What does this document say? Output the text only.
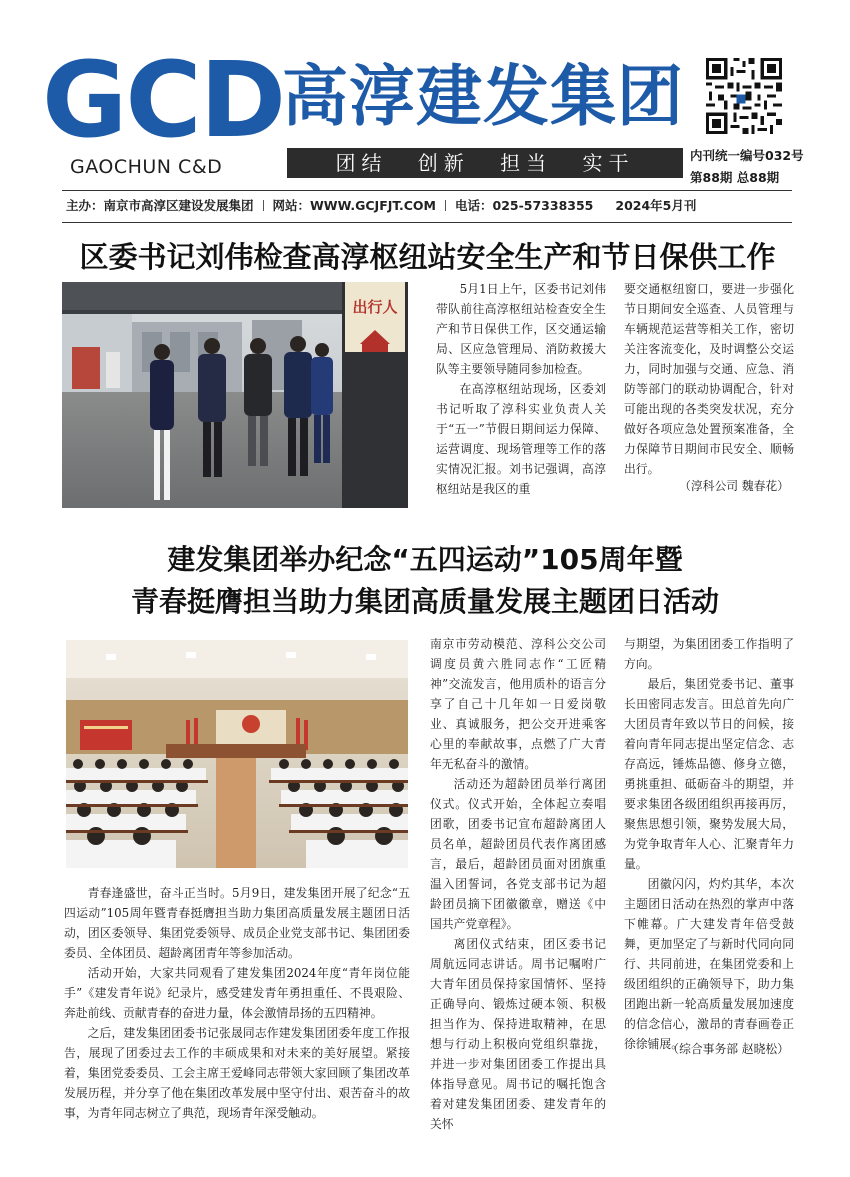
GCD
GAOCHUN C&D
高淳建发集团
团结 创新 担当 实干	内刊统一编号032号
第88期 总88期
主办：南京市高淳区建设发展集团 网站：WWW.GCJFJT.COM 电话：025-57338355 2024年5月刊
区委书记刘伟检查高淳枢纽站安全生产和节日保供工作
出行人

5月1日上午，区委书记刘伟带队前往高淳枢纽站检查安全生产和节日保供工作，区交通运输局、区应急管理局、消防救援大队等主要领导随同参加检查。

在高淳枢纽站现场，区委刘书记听取了淳科实业负责人关于“五一”节假日期间运力保障、运营调度、现场管理等工作的落实情况汇报。刘书记强调，高淳枢纽站是我区的重

要交通枢纽窗口，要进一步强化节日期间安全巡查、人员管理与车辆规范运营等相关工作，密切关注客流变化，及时调整公交运力，同时加强与交通、应急、消防等部门的联动协调配合，针对可能出现的各类突发状况，充分做好各项应急处置预案准备，全力保障节日期间市民安全、顺畅出行。

（淳科公司 魏春花）
建发集团举办纪念“五四运动”105周年暨
青春挺膺担当助力集团高质量发展主题团日活动

青春逢盛世，奋斗正当时。5月9日，建发集团开展了纪念“五四运动”105周年暨青春挺膺担当助力集团高质量发展主题团日活动，团区委领导、集团党委领导、成员企业党支部书记、集团团委委员、全体团员、超龄离团青年等参加活动。

活动开始，大家共同观看了建发集团2024年度“青年岗位能手”《建发青年说》纪录片，感受建发青年勇担重任、不畏艰险、奔赴前线、贡献青春的奋进力量，体会激情昂扬的五四精神。

之后，建发集团团委书记张晟同志作建发集团团委年度工作报告，展现了团委过去工作的丰硕成果和对未来的美好展望。紧接着，集团党委委员、工会主席王爱峰同志带领大家回顾了集团改革发展历程，并分享了他在集团改革发展中坚守付出、艰苦奋斗的故事，为青年同志树立了典范，现场青年深受触动。

南京市劳动模范、淳科公交公司调度员黄六胜同志作“工匠精神”交流发言，他用质朴的语言分享了自己十几年如一日爱岗敬业、真诚服务，把公交开进乘客心里的奉献故事，点燃了广大青年无私奋斗的激情。

活动还为超龄团员举行离团仪式。仪式开始，全体起立奏唱团歌，团委书记宣布超龄离团人员名单，超龄团员代表作离团感言，最后，超龄团员面对团旗重温入团誓词，各党支部书记为超龄团员摘下团徽徽章，赠送《中国共产党章程》。

离团仪式结束，团区委书记周航远同志讲话。周书记嘱咐广大青年团员保持家国情怀、坚持正确导向、锻炼过硬本领、积极担当作为、保持进取精神，在思想与行动上积极向党组织靠拢，并进一步对集团团委工作提出具体指导意见。周书记的嘱托饱含着对建发集团团委、建发青年的关怀

与期望，为集团团委工作指明了方向。

最后，集团党委书记、董事长田密同志发言。田总首先向广大团员青年致以节日的问候，接着向青年同志提出坚定信念、志存高远，锤炼品德、修身立德，勇挑重担、砥砺奋斗的期望，并要求集团各级团组织再接再厉，聚焦思想引领，聚势发展大局，为党争取青年人心、汇聚青年力量。

团徽闪闪，灼灼其华，本次主题团日活动在热烈的掌声中落下帷幕。广大建发青年倍受鼓舞，更加坚定了与新时代同向同行、共同前进，在集团党委和上级团组织的正确领导下，助力集团跑出新一轮高质量发展加速度的信念信心，激昂的青春画卷正徐徐铺展。

（综合事务部 赵晓松）
